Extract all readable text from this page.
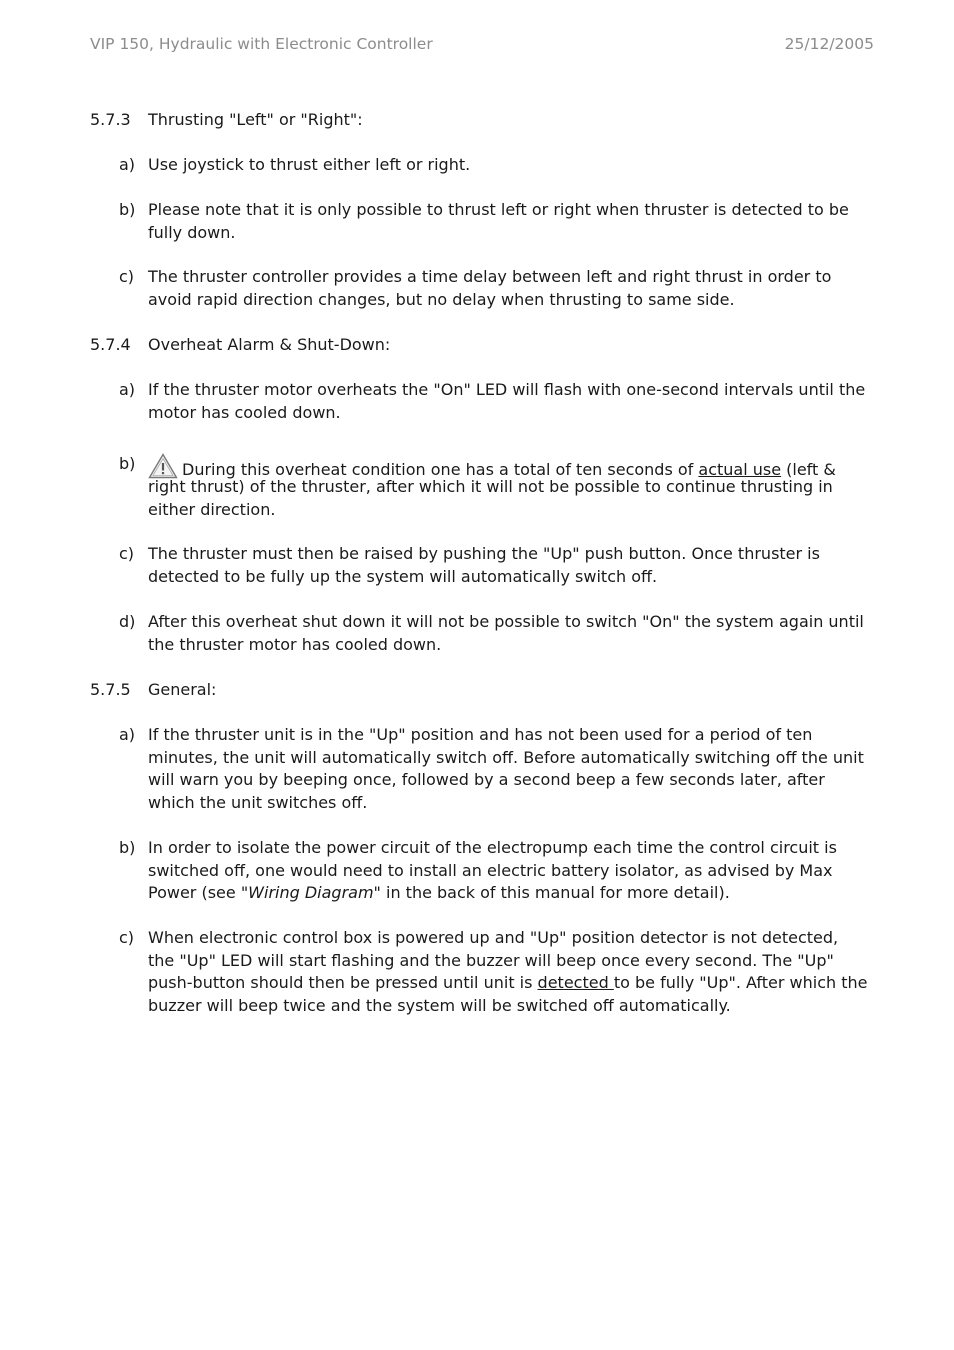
VIP 150, Hydraulic with Electronic Controller	25/12/2005
5.7.3 Thrusting "Left" or "Right":
a) Use joystick to thrust either left or right.
b) Please note that it is only possible to thrust left or right when thruster is detected to be
fully down.
c) The thruster controller provides a time delay between left and right thrust in order to
avoid rapid direction changes, but no delay when thrusting to same side.
5.7.4 Overheat Alarm & Shut-Down:
a) If the thruster motor overheats the "On" LED will flash with one-second intervals until the
motor has cooled down.
b)	During this overheat condition one has a total of ten seconds of actual use (left &
right thrust) of the thruster, after which it will not be possible to continue thrusting in
either direction.
c) The thruster must then be raised by pushing the "Up" push button. Once thruster is
detected to be fully up the system will automatically switch off.
d) After this overheat shut down it will not be possible to switch "On" the system again until
the thruster motor has cooled down.
5.7.5 General:
a) If the thruster unit is in the "Up" position and has not been used for a period of ten
minutes, the unit will automatically switch off. Before automatically switching off the unit
will warn you by beeping once, followed by a second beep a few seconds later, after
which the unit switches off.
b) In order to isolate the power circuit of the electropump each time the control circuit is
switched off, one would need to install an electric battery isolator, as advised by Max
Power (see "Wiring Diagram" in the back of this manual for more detail).
c) When electronic control box is powered up and "Up" position detector is not detected,
the "Up" LED will start flashing and the buzzer will beep once every second. The "Up"
push-button should then be pressed until unit is detected to be fully "Up". After which the
buzzer will beep twice and the system will be switched off automatically.
